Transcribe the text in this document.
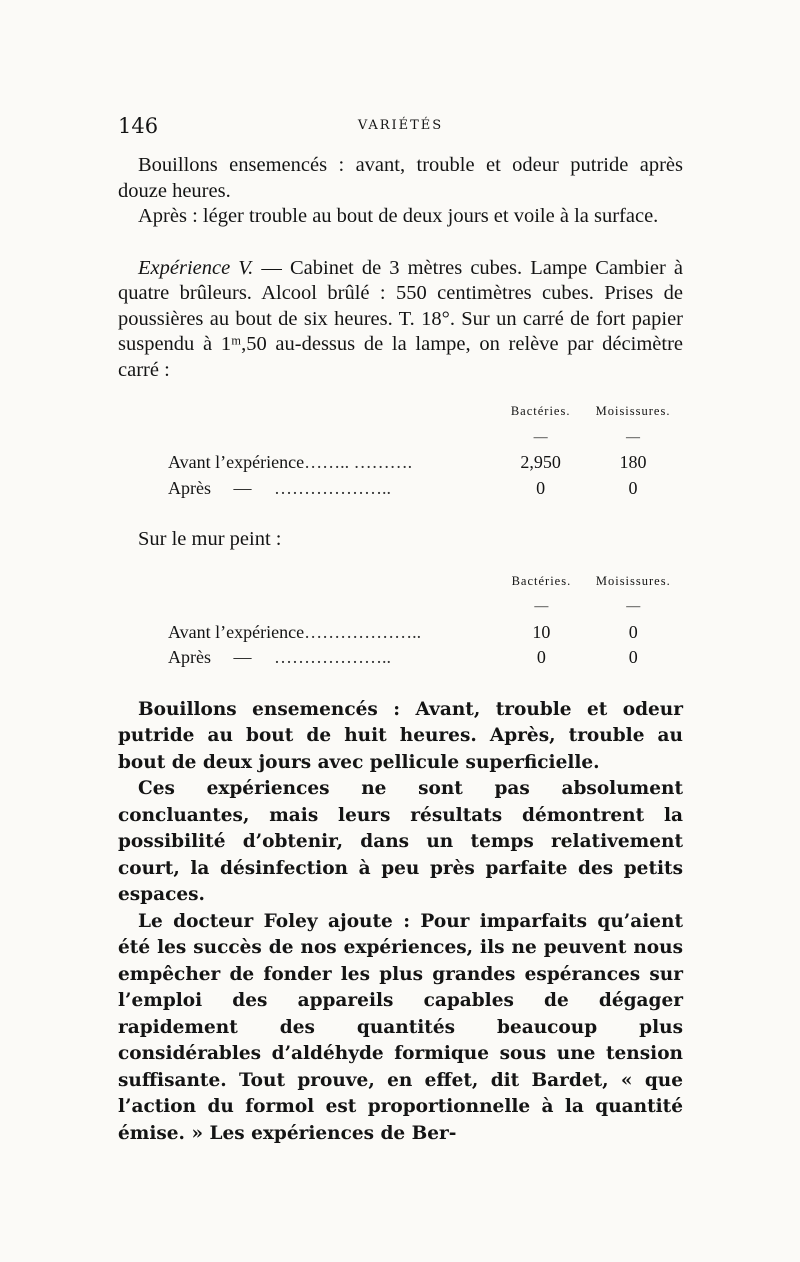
146	VARIÉTÉS

Bouillons ensemencés : avant, trouble et odeur putride après douze heures.

Après : léger trouble au bout de deux jours et voile à la surface.

Expérience V. — Cabinet de 3 mètres cubes. Lampe Cambier à quatre brûleurs. Alcool brûlé : 550 centimètres cubes. Prises de poussières au bout de six heures. T. 18°. Sur un carré de fort papier suspendu à 1ᵐ,50 au-dessus de la lampe, on relève par décimètre carré :

	Bactéries.	Moisissures.
	—	—
Avant l’expérience…….. ……….	2,950	180
Après — ………………..	0	0

Sur le mur peint :

	Bactéries.	Moisissures.
	—	—
Avant l’expérience………………..	10	0
Après — ………………..	0	0

Bouillons ensemencés : Avant, trouble et odeur putride au bout de huit heures. Après, trouble au bout de deux jours avec pellicule superficielle.

Ces expériences ne sont pas absolument concluantes, mais leurs résultats démontrent la possibilité d’obtenir, dans un temps relativement court, la désinfection à peu près parfaite des petits espaces.

Le docteur Foley ajoute : Pour imparfaits qu’aient été les succès de nos expériences, ils ne peuvent nous empêcher de fonder les plus grandes espérances sur l’emploi des appareils capables de dégager rapidement des quantités beaucoup plus considérables d’aldéhyde formique sous une tension suffisante. Tout prouve, en effet, dit Bardet, « que l’action du formol est proportionnelle à la quantité émise. » Les expériences de Ber-
